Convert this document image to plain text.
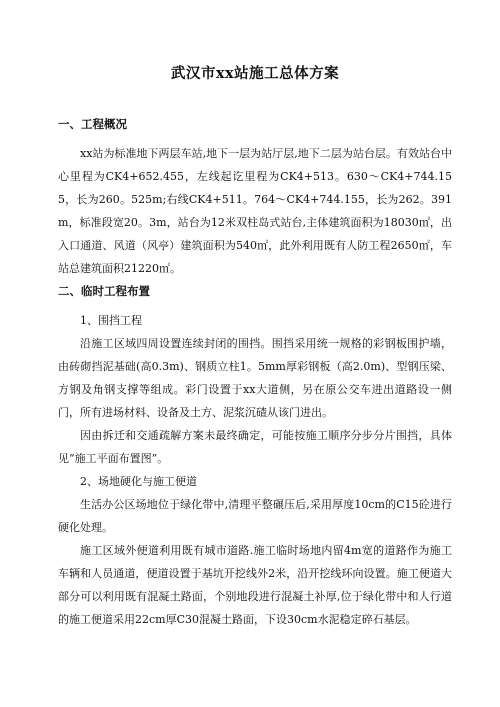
武汉市xx站施工总体方案
一、工程概况

xx站为标准地下两层车站,地下一层为站厅层,地下二层为站台层。有效站台中心里程为CK4+652.455，左线起讫里程为CK4+513。630～CK4+744.155，长为260。525m;右线CK4+511。764～CK4+744.155，长为262。391m，标准段宽20。3m，站台为12米双柱岛式站台,主体建筑面积为18030㎡，出入口通道、风道（风亭）建筑面积为540㎡，此外利用既有人防工程2650㎡，车站总建筑面积21220㎡。

二、临时工程布置
1、围挡工程

沿施工区域四周设置连续封闭的围挡。围挡采用统一规格的彩钢板围护墙，由砖砌挡泥基础(高0.3m)、钢质立柱1。5mm厚彩钢板（高2.0m)、型钢压梁、方钢及角钢支撑等组成。彩门设置于xx大道侧，另在原公交车进出道路设一侧门，所有进场材料、设备及土方、泥浆沉碴从该门进出。

因由拆迁和交通疏解方案未最终确定，可能按施工顺序分步分片围挡，具体见“施工平面布置图”。

2、场地硬化与施工便道

生活办公区场地位于绿化带中,清理平整碾压后,采用厚度10cm的C15砼进行硬化处理。

施工区域外便道利用既有城市道路.施工临时场地内留4m宽的道路作为施工车辆和人员通道，便道设置于基坑开挖线外2米，沿开挖线环向设置。施工便道大部分可以利用既有混凝土路面，个别地段进行混凝土补厚,位于绿化带中和人行道的施工便道采用22cm厚C30混凝土路面，下设30cm水泥稳定碎石基层。
